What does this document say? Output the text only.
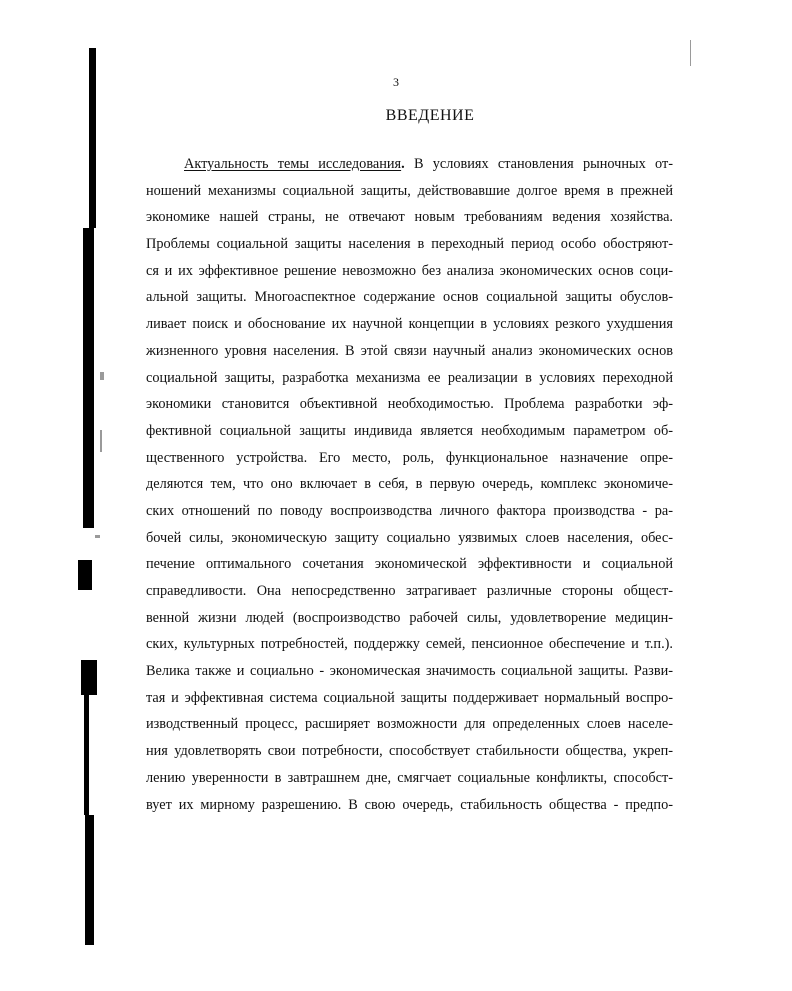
3
ВВЕДЕНИЕ
Актуальность темы исследования. В условиях становления рыночных от-
ношений механизмы социальной защиты, действовавшие долгое время в прежней
экономике нашей страны, не отвечают новым требованиям ведения хозяйства.
Проблемы социальной защиты населения в переходный период особо обостряют-
ся и их эффективное решение невозможно без анализа экономических основ соци-
альной защиты. Многоаспектное содержание основ социальной защиты обуслов-
ливает поиск и обоснование их научной концепции в условиях резкого ухудшения
жизненного уровня населения. В этой связи научный анализ экономических основ
социальной защиты, разработка механизма ее реализации в условиях переходной
экономики становится объективной необходимостью. Проблема разработки эф-
фективной социальной защиты индивида является необходимым параметром об-
щественного устройства. Его место, роль, функциональное назначение опре-
деляются тем, что оно включает в себя, в первую очередь, комплекс экономиче-
ских отношений по поводу воспроизводства личного фактора производства - ра-
бочей силы, экономическую защиту социально уязвимых слоев населения, обес-
печение оптимального сочетания экономической эффективности и социальной
справедливости. Она непосредственно затрагивает различные стороны общест-
венной жизни людей (воспроизводство рабочей силы, удовлетворение медицин-
ских, культурных потребностей, поддержку семей, пенсионное обеспечение и т.п.).
Велика также и социально - экономическая значимость социальной защиты. Разви-
тая и эффективная система социальной защиты поддерживает нормальный воспро-
изводственный процесс, расширяет возможности для определенных слоев населе-
ния удовлетворять свои потребности, способствует стабильности общества, укреп-
лению уверенности в завтрашнем дне, смягчает социальные конфликты, способст-
вует их мирному разрешению. В свою очередь, стабильность общества - предпо-
